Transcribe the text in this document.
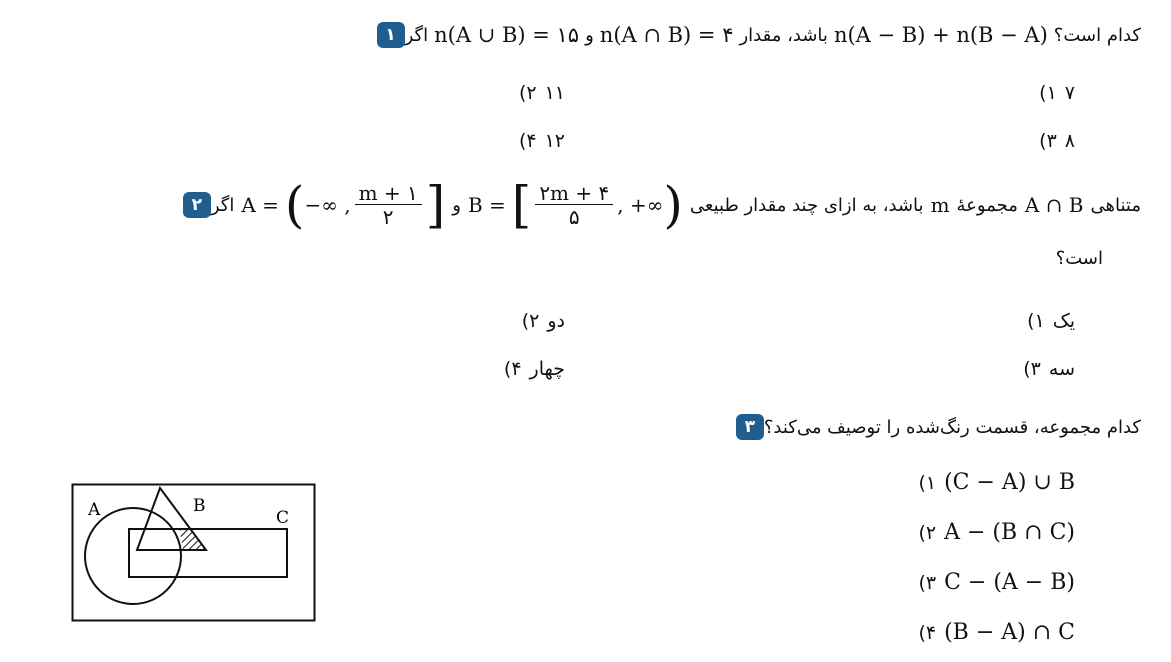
۱ اگر n(A ∪ B) = ۱۵ و n(A ∩ B) = ۴ باشد، مقدار n(A − B) + n(B − A) کدام است؟
۱) ۷
۲) ۱۱
۳) ۸
۴) ۱۲
۲ اگر A = ( −∞ , $\frac{m + ۱}{۲}$ ] و B = [ $\frac{۲m + ۴}{۵}$ , +∞ ) باشد، به ازای چند مقدار طبیعی m مجموعهٔ A ∩ B متناهی
است؟
۱) یک
۲) دو
۳) سه
۴) چهار
۳ کدام مجموعه، قسمت رنگ‌شده را توصیف می‌کند؟
A	B
C
۱) (C − A) ∪ B
۲) A − (B ∩ C)
۳) C − (A − B)
۴) (B − A) ∩ C
